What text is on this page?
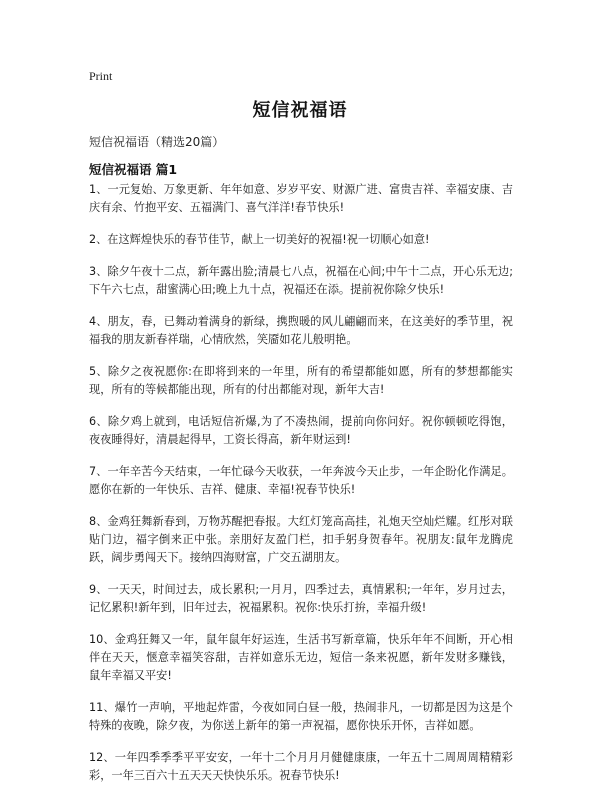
Print
短信祝福语
短信祝福语（精选20篇）
短信祝福语 篇1

1、一元复始、万象更新、年年如意、岁岁平安、财源广进、富贵吉祥、幸福安康、吉庆有余、竹抱平安、五福满门、喜气洋洋!春节快乐!

2、在这辉煌快乐的春节佳节，献上一切美好的祝福!祝一切顺心如意!

3、除夕午夜十二点，新年露出脸;清晨七八点，祝福在心间;中午十二点，开心乐无边;下午六七点，甜蜜满心田;晚上九十点，祝福还在添。提前祝你除夕快乐!

4、朋友，春，已舞动着满身的新绿，携煦暖的风儿翩翩而来，在这美好的季节里，祝福我的朋友新春祥瑞，心情欣然，笑靥如花儿般明艳。

5、除夕之夜祝愿你:在即将到来的一年里，所有的希望都能如愿，所有的梦想都能实现，所有的等候都能出现，所有的付出都能对现，新年大吉!

6、除夕鸡上就到，电话短信祈爆,为了不凑热闹，提前向你问好。祝你顿顿吃得饱，夜夜睡得好，清晨起得早，工资长得高，新年财运到!

7、一年辛苦今天结束，一年忙碌今天收获，一年奔波今天止步，一年企盼化作满足。愿你在新的一年快乐、吉祥、健康、幸福!祝春节快乐!

8、金鸡狂舞新春到，万物苏醒把春报。大红灯笼高高挂，礼炮天空灿烂耀。红彤对联贴门边，福字倒来正中张。亲朋好友盈门栏，扣手躬身贺春年。祝朋友:鼠年龙腾虎跃，阔步勇闯天下。接纳四海财富，广交五湖朋友。

9、一天天，时间过去，成长累积;一月月，四季过去，真情累积;一年年，岁月过去，记忆累积!新年到，旧年过去，祝福累积。祝你:快乐打拚，幸福升级!

10、金鸡狂舞又一年，鼠年鼠年好运连，生活书写新章篇，快乐年年不间断，开心相伴在天天，惬意幸福笑容甜，吉祥如意乐无边，短信一条来祝愿，新年发财多赚钱，鼠年幸福又平安!

11、爆竹一声响，平地起炸雷，今夜如同白昼一般，热闹非凡，一切都是因为这是个特殊的夜晚，除夕夜，为你送上新年的第一声祝福，愿你快乐开怀，吉祥如愿。

12、一年四季季季平平安安，一年十二个月月月健健康康，一年五十二周周周精精彩彩，一年三百六十五天天天快快乐乐。祝春节快乐!
